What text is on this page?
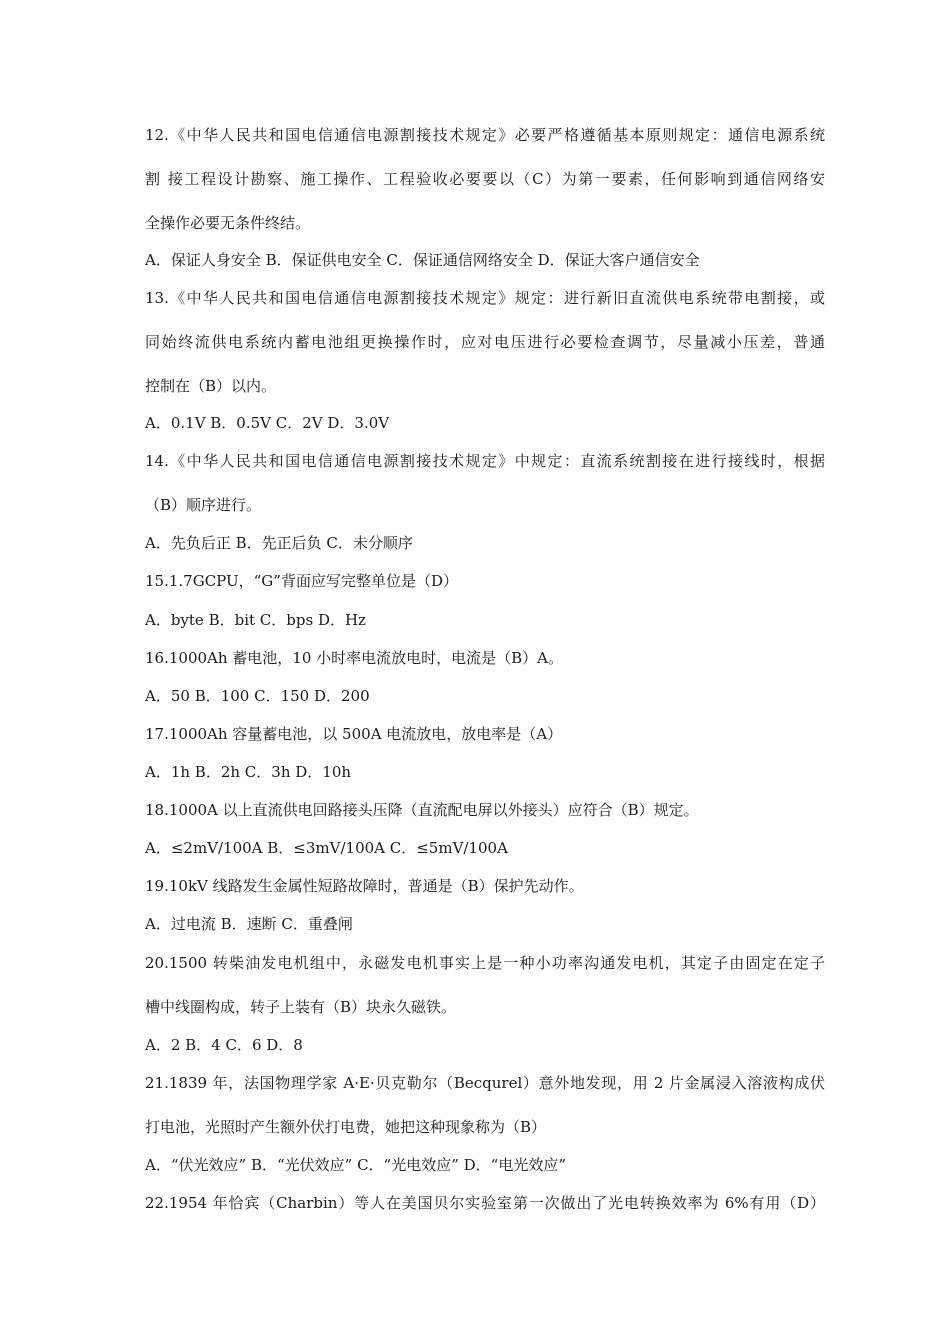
12.《中华人民共和国电信通信电源割接技术规定》必要严格遵循基本原则规定：通信电源系统
割 接工程设计勘察、施工操作、工程验收必要要以（C）为第一要素，任何影响到通信网络安
全操作必要无条件终结。
A．保证人身安全 B．保证供电安全 C．保证通信网络安全 D．保证大客户通信安全
13.《中华人民共和国电信通信电源割接技术规定》规定：进行新旧直流供电系统带电割接，或
同始终流供电系统内蓄电池组更换操作时，应对电压进行必要检查调节，尽量减小压差，普通
控制在（B）以内。
A．0.1V B．0.5V C．2V D．3.0V
14.《中华人民共和国电信通信电源割接技术规定》中规定：直流系统割接在进行接线时，根据
（B）顺序进行。
A．先负后正 B．先正后负 C．未分顺序
15.1.7GCPU，“G”背面应写完整单位是（D）
A．byte B．bit C．bps D．Hz
16.1000Ah 蓄电池，10 小时率电流放电时，电流是（B）A。
A．50 B．100 C．150 D．200
17.1000Ah 容量蓄电池，以 500A 电流放电，放电率是（A）
A．1h B．2h C．3h D．10h
18.1000A 以上直流供电回路接头压降（直流配电屏以外接头）应符合（B）规定。
A．≤2mV/100A B．≤3mV/100A C．≤5mV/100A
19.10kV 线路发生金属性短路故障时，普通是（B）保护先动作。
A．过电流 B．速断 C．重叠闸
20.1500 转柴油发电机组中，永磁发电机事实上是一种小功率沟通发电机，其定子由固定在定子
槽中线圈构成，转子上装有（B）块永久磁铁。
A．2 B．4 C．6 D．8
21.1839 年，法国物理学家 A·E·贝克勒尔（Becqurel）意外地发现，用 2 片金属浸入溶液构成伏
打电池，光照时产生额外伏打电费，她把这种现象称为（B）
A．“伏光效应” B．“光伏效应” C．“光电效应” D．“电光效应”
22.1954 年恰宾（Charbin）等人在美国贝尔实验室第一次做出了光电转换效率为 6%有用（D）
